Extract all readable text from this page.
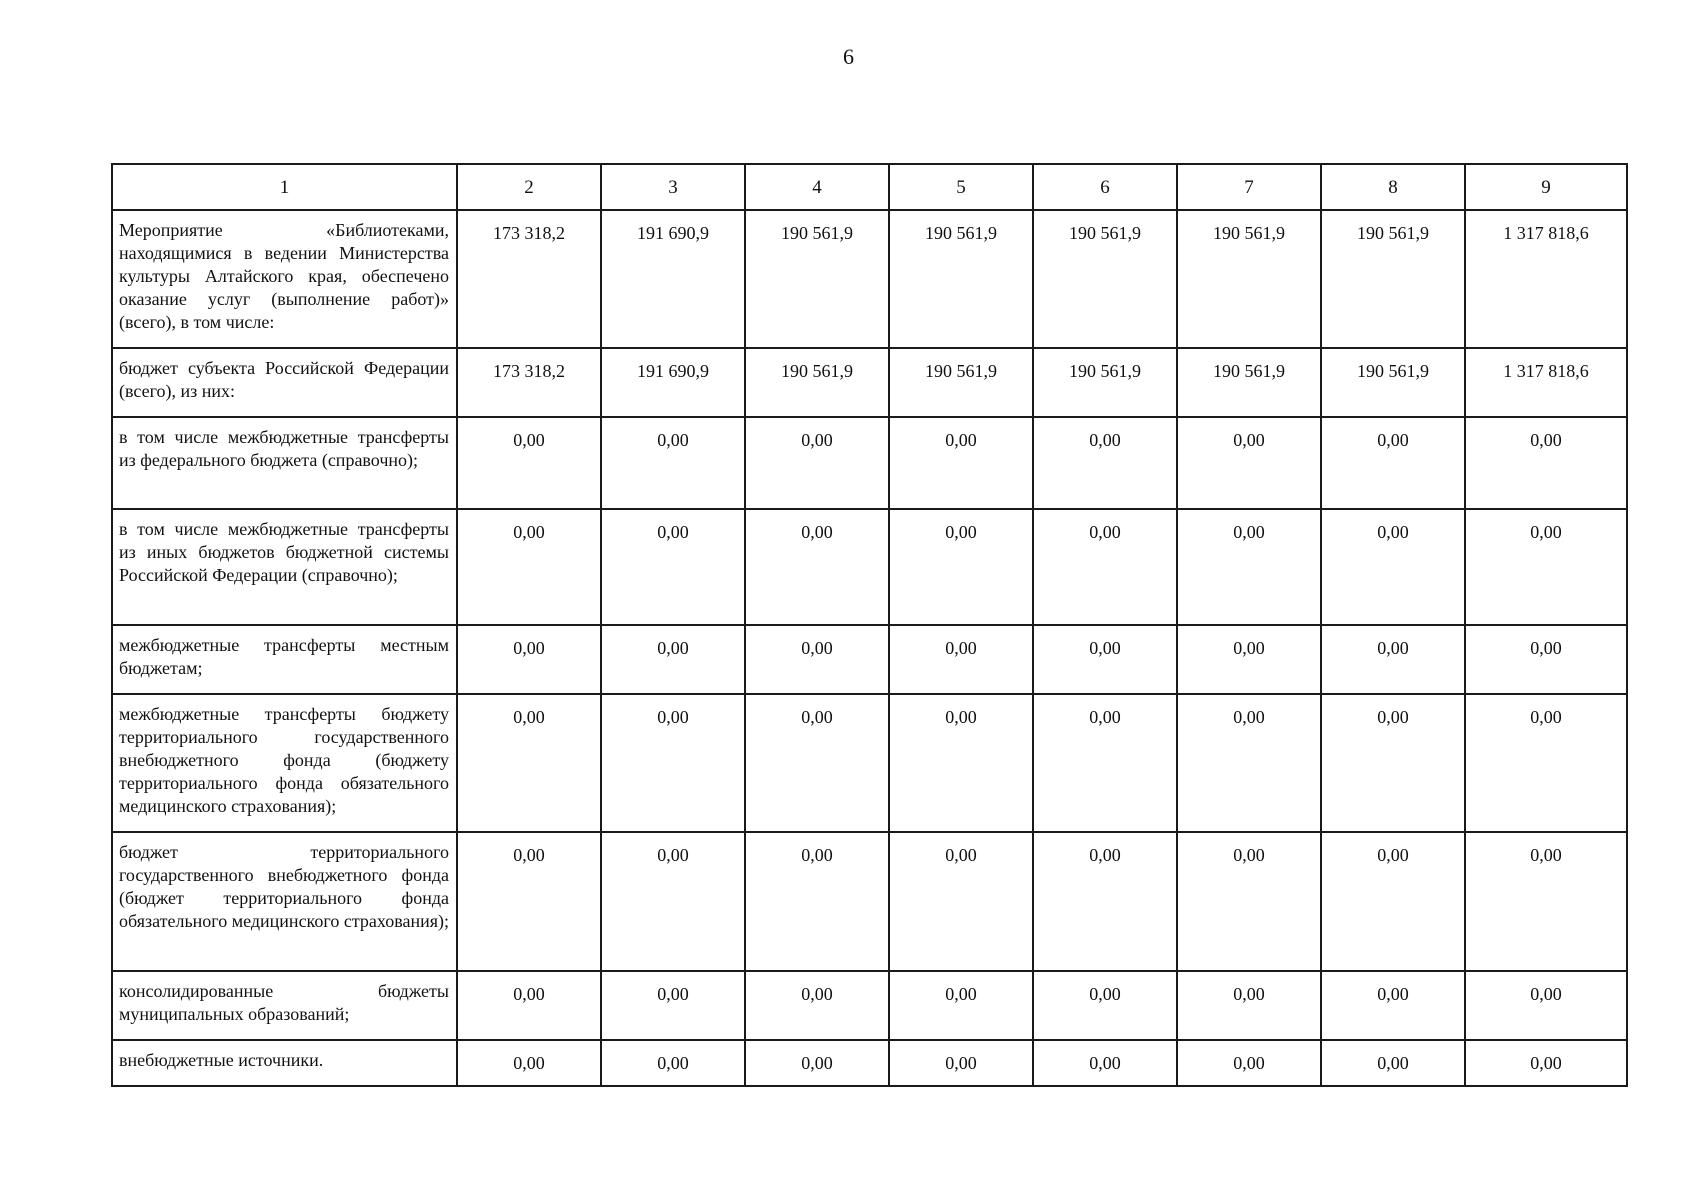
6
1	2	3	4	5	6	7	8	9
Мероприятие «Библиотеками, находящимися в ведении Министерства культуры Алтайского края, обеспечено оказание услуг (выполнение работ)» (всего), в том числе:	173 318,2	191 690,9	190 561,9	190 561,9	190 561,9	190 561,9	190 561,9	1 317 818,6
бюджет субъекта Российской Федерации (всего), из них:	173 318,2	191 690,9	190 561,9	190 561,9	190 561,9	190 561,9	190 561,9	1 317 818,6
в том числе межбюджетные трансферты из федерального бюджета (справочно);	0,00	0,00	0,00	0,00	0,00	0,00	0,00	0,00
в том числе межбюджетные трансферты из иных бюджетов бюджетной системы Российской Федерации (справочно);	0,00	0,00	0,00	0,00	0,00	0,00	0,00	0,00
межбюджетные трансферты местным бюджетам;	0,00	0,00	0,00	0,00	0,00	0,00	0,00	0,00
межбюджетные трансферты бюджету территориального государственного внебюджетного фонда (бюджету территориального фонда обязательного медицинского страхования);	0,00	0,00	0,00	0,00	0,00	0,00	0,00	0,00
бюджет территориального государственного внебюджетного фонда (бюджет территориального фонда обязательного медицинского страхования);	0,00	0,00	0,00	0,00	0,00	0,00	0,00	0,00
консолидированные бюджеты муниципальных образований;	0,00	0,00	0,00	0,00	0,00	0,00	0,00	0,00
внебюджетные источники.	0,00	0,00	0,00	0,00	0,00	0,00	0,00	0,00
